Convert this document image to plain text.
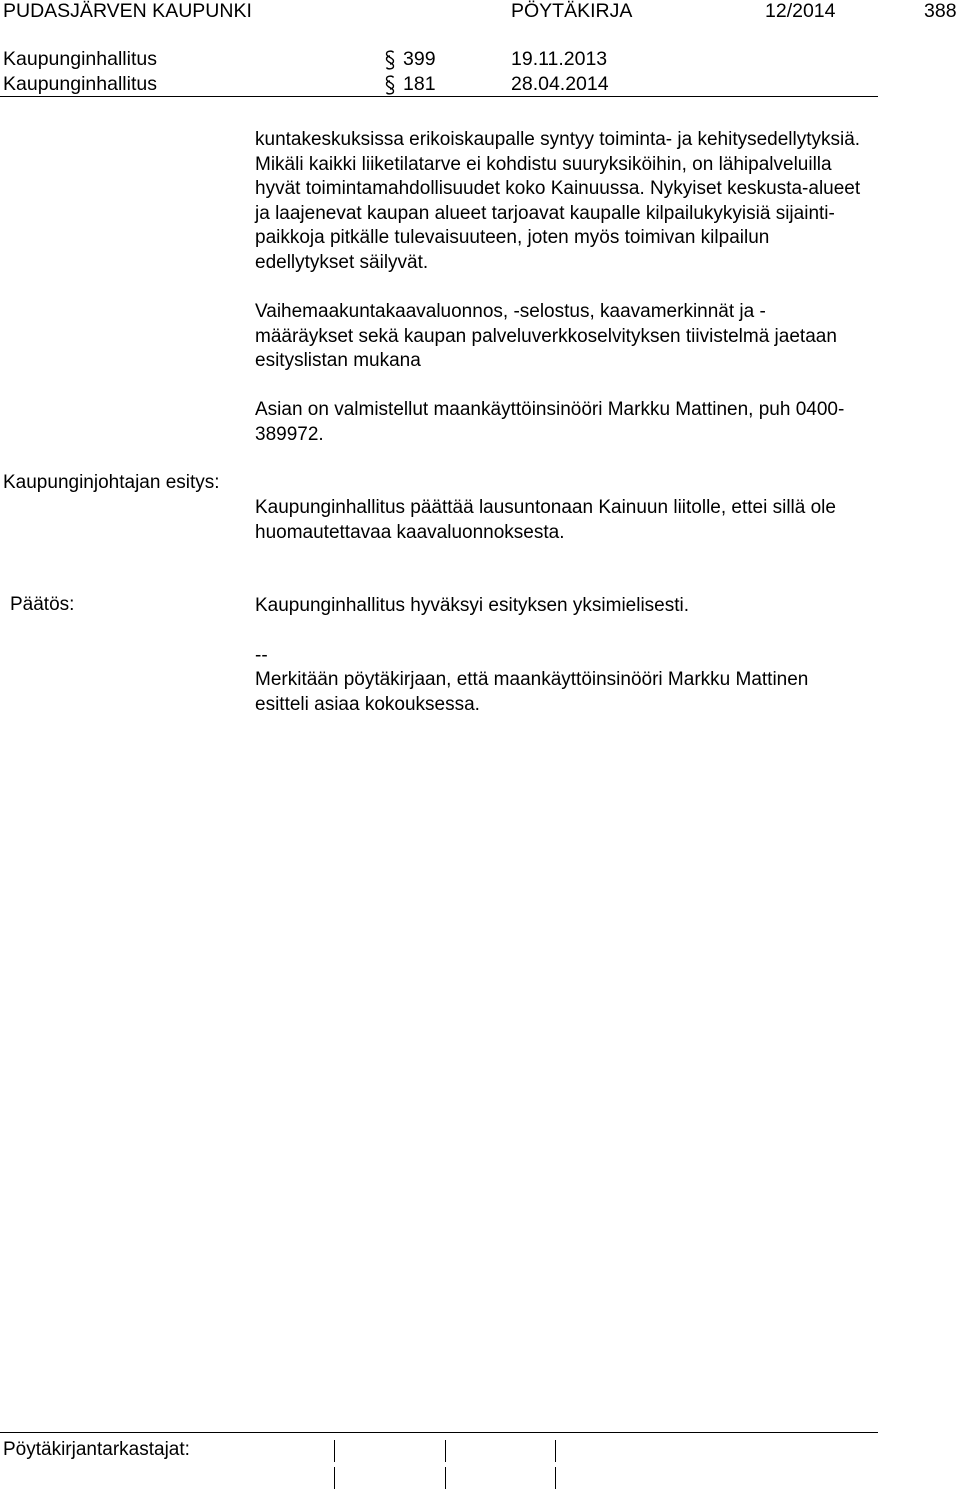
PUDASJÄRVEN KAUPUNKI	PÖYTÄKIRJA	12/2014	388
Kaupunginhallitus	399	19.11.2013
Kaupunginhallitus	181	28.04.2014
kuntakeskuksissa erikoiskaupalle syntyy toiminta- ja kehitysedellytyksiä. Mikäli kaikki liiketilatarve ei kohdistu suuryksiköihin, on lähipalveluilla hyvät toimintamahdollisuudet koko Kainuussa. Nykyiset keskusta-alueet ja laajenevat kaupan alueet tarjoavat kaupalle kilpailukykyisiä sijainti-paikkoja pitkälle tulevaisuuteen, joten myös toimivan kilpailun edellytykset säilyvät.
Vaihemaakuntakaavaluonnos, -selostus, kaavamerkinnät ja -määräykset sekä kaupan palveluverkkoselvityksen tiivistelmä jaetaan esityslistan mukana
Asian on valmistellut maankäyttöinsinööri Markku Mattinen, puh 0400-389972.
Kaupunginjohtajan esitys:
Kaupunginhallitus päättää lausuntonaan Kainuun liitolle, ettei sillä ole huomautettavaa kaavaluonnoksesta.
Päätös:	Kaupunginhallitus hyväksyi esityksen yksimielisesti.
--
Merkitään pöytäkirjaan, että maankäyttöinsinööri Markku Mattinen esitteli asiaa kokouksessa.
Pöytäkirjantarkastajat:
